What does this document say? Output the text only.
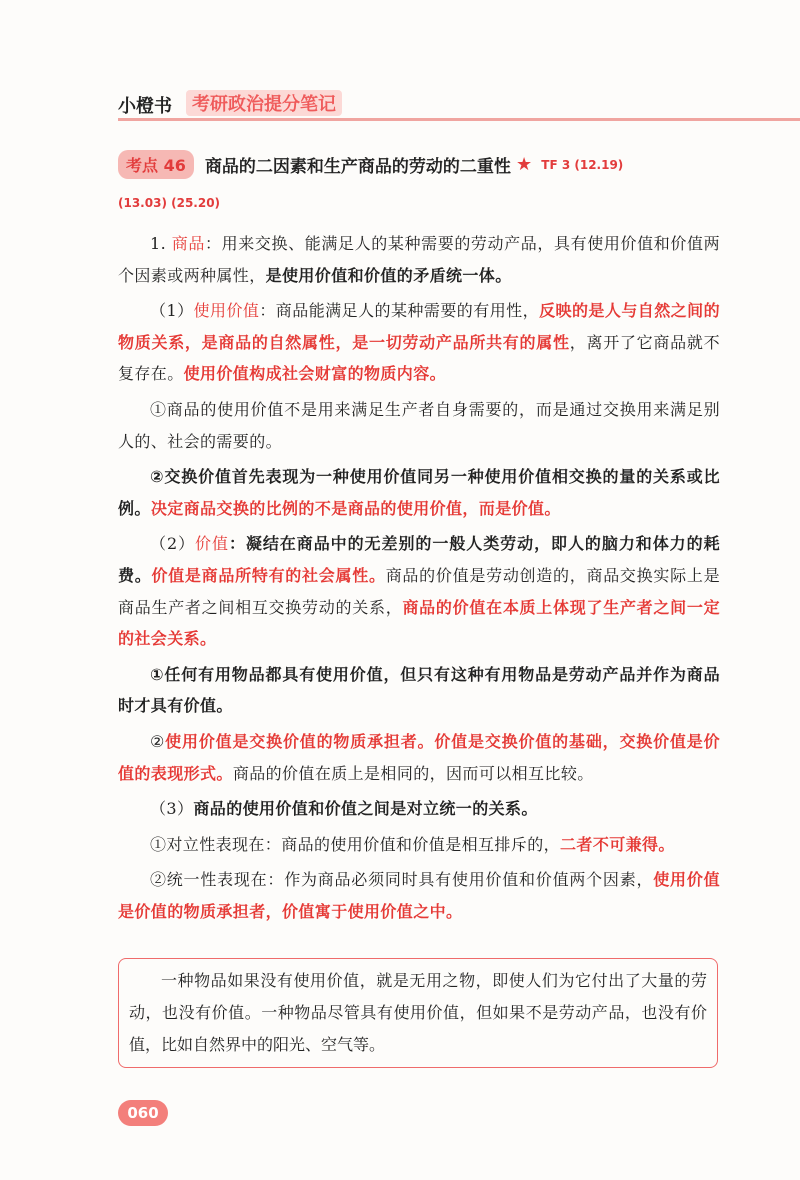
小橙书	考研政治提分笔记
考点 46 商品的二因素和生产商品的劳动的二重性 ★ TF 3 (12.19)
(13.03) (25.20)

1. 商品：用来交换、能满足人的某种需要的劳动产品，具有使用价值和价值两个因素或两种属性，是使用价值和价值的矛盾统一体。

（1）使用价值：商品能满足人的某种需要的有用性，反映的是人与自然之间的物质关系，是商品的自然属性，是一切劳动产品所共有的属性，离开了它商品就不复存在。使用价值构成社会财富的物质内容。

①商品的使用价值不是用来满足生产者自身需要的，而是通过交换用来满足别人的、社会的需要的。

②交换价值首先表现为一种使用价值同另一种使用价值相交换的量的关系或比例。决定商品交换的比例的不是商品的使用价值，而是价值。

（2）价值：凝结在商品中的无差别的一般人类劳动，即人的脑力和体力的耗费。价值是商品所特有的社会属性。商品的价值是劳动创造的，商品交换实际上是商品生产者之间相互交换劳动的关系，商品的价值在本质上体现了生产者之间一定的社会关系。

①任何有用物品都具有使用价值，但只有这种有用物品是劳动产品并作为商品时才具有价值。

②使用价值是交换价值的物质承担者。价值是交换价值的基础，交换价值是价值的表现形式。商品的价值在质上是相同的，因而可以相互比较。

（3）商品的使用价值和价值之间是对立统一的关系。

①对立性表现在：商品的使用价值和价值是相互排斥的，二者不可兼得。

②统一性表现在：作为商品必须同时具有使用价值和价值两个因素，使用价值是价值的物质承担者，价值寓于使用价值之中。

一种物品如果没有使用价值，就是无用之物，即使人们为它付出了大量的劳动，也没有价值。一种物品尽管具有使用价值，但如果不是劳动产品，也没有价值，比如自然界中的阳光、空气等。
060
